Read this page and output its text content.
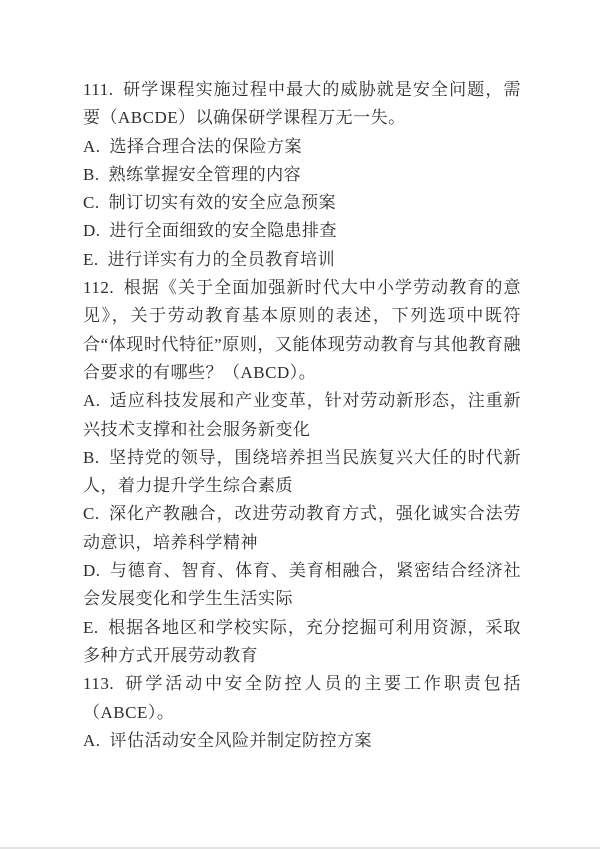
111. 研学课程实施过程中最大的威胁就是安全问题，需要（ABCDE）以确保研学课程万无一失。

A. 选择合理合法的保险方案

B. 熟练掌握安全管理的内容

C. 制订切实有效的安全应急预案

D. 进行全面细致的安全隐患排查

E. 进行详实有力的全员教育培训

112. 根据《关于全面加强新时代大中小学劳动教育的意见》，关于劳动教育基本原则的表述，下列选项中既符合“体现时代特征”原则，又能体现劳动教育与其他教育融合要求的有哪些？（ABCD）。

A. 适应科技发展和产业变革，针对劳动新形态，注重新兴技术支撑和社会服务新变化

B. 坚持党的领导，围绕培养担当民族复兴大任的时代新人，着力提升学生综合素质

C. 深化产教融合，改进劳动教育方式，强化诚实合法劳动意识，培养科学精神

D. 与德育、智育、体育、美育相融合，紧密结合经济社会发展变化和学生生活实际

E. 根据各地区和学校实际，充分挖掘可利用资源，采取多种方式开展劳动教育

113. 研学活动中安全防控人员的主要工作职责包括（ABCE）。

A. 评估活动安全风险并制定防控方案
